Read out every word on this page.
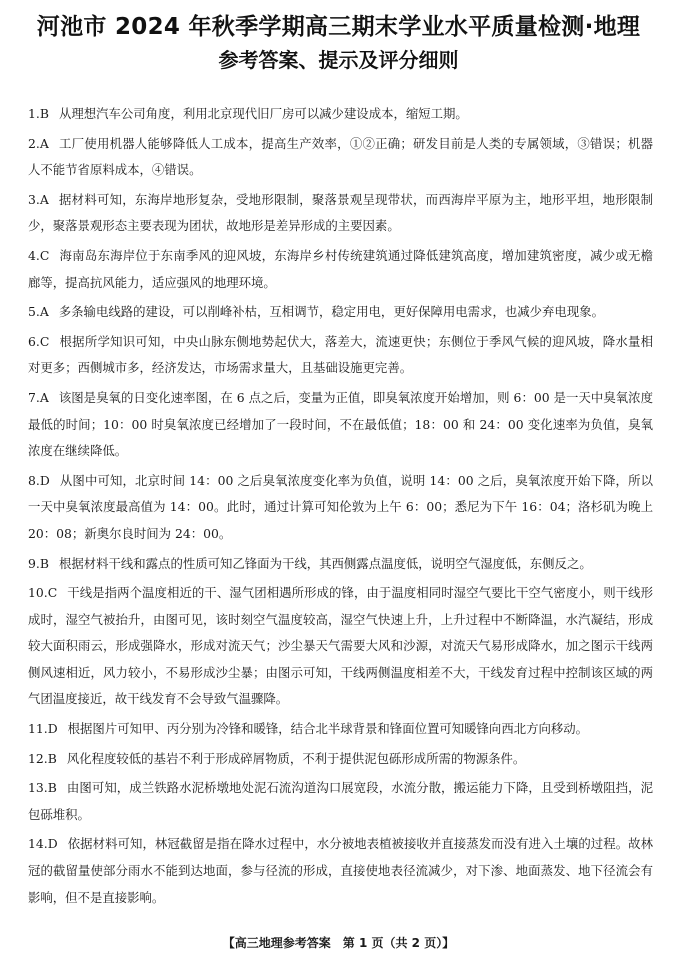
河池市 2024 年秋季学期高三期末学业水平质量检测·地理
参考答案、提示及评分细则

1.B 从理想汽车公司角度，利用北京现代旧厂房可以减少建设成本，缩短工期。

2.A 工厂使用机器人能够降低人工成本，提高生产效率，①②正确；研发目前是人类的专属领域，③错误；机器人不能节省原料成本，④错误。

3.A 据材料可知，东海岸地形复杂，受地形限制，聚落景观呈现带状，而西海岸平原为主，地形平坦，地形限制少，聚落景观形态主要表现为团状，故地形是差异形成的主要因素。

4.C 海南岛东海岸位于东南季风的迎风坡，东海岸乡村传统建筑通过降低建筑高度，增加建筑密度，减少或无檐廊等，提高抗风能力，适应强风的地理环境。

5.A 多条输电线路的建设，可以削峰补枯，互相调节，稳定用电，更好保障用电需求，也减少弃电现象。

6.C 根据所学知识可知，中央山脉东侧地势起伏大，落差大，流速更快；东侧位于季风气候的迎风坡，降水量相对更多；西侧城市多，经济发达，市场需求量大，且基础设施更完善。

7.A 该图是臭氧的日变化速率图，在 6 点之后，变量为正值，即臭氧浓度开始增加，则 6：00 是一天中臭氧浓度最低的时间；10：00 时臭氧浓度已经增加了一段时间，不在最低值；18：00 和 24：00 变化速率为负值，臭氧浓度在继续降低。

8.D 从图中可知，北京时间 14：00 之后臭氧浓度变化率为负值，说明 14：00 之后，臭氧浓度开始下降，所以一天中臭氧浓度最高值为 14：00。此时，通过计算可知伦敦为上午 6：00；悉尼为下午 16：04；洛杉矶为晚上 20：08；新奥尔良时间为 24：00。

9.B 根据材料干线和露点的性质可知乙锋面为干线，其西侧露点温度低，说明空气湿度低，东侧反之。

10.C 干线是指两个温度相近的干、湿气团相遇所形成的锋，由于温度相同时湿空气要比干空气密度小，则干线形成时，湿空气被抬升，由图可见，该时刻空气温度较高，湿空气快速上升，上升过程中不断降温，水汽凝结，形成较大面积雨云，形成强降水，形成对流天气；沙尘暴天气需要大风和沙源，对流天气易形成降水，加之图示干线两侧风速相近，风力较小，不易形成沙尘暴；由图示可知，干线两侧温度相差不大，干线发育过程中控制该区域的两气团温度接近，故干线发育不会导致气温骤降。

11.D 根据图片可知甲、丙分别为冷锋和暖锋，结合北半球背景和锋面位置可知暖锋向西北方向移动。

12.B 风化程度较低的基岩不利于形成碎屑物质，不利于提供泥包砾形成所需的物源条件。

13.B 由图可知，成兰铁路水泥桥墩地处泥石流沟道沟口展宽段，水流分散，搬运能力下降，且受到桥墩阻挡，泥包砾堆积。

14.D 依据材料可知，林冠截留是指在降水过程中，水分被地表植被接收并直接蒸发而没有进入土壤的过程。故林冠的截留量使部分雨水不能到达地面，参与径流的形成，直接使地表径流减少，对下渗、地面蒸发、地下径流会有影响，但不是直接影响。

【高三地理参考答案　第 1 页（共 2 页）】
